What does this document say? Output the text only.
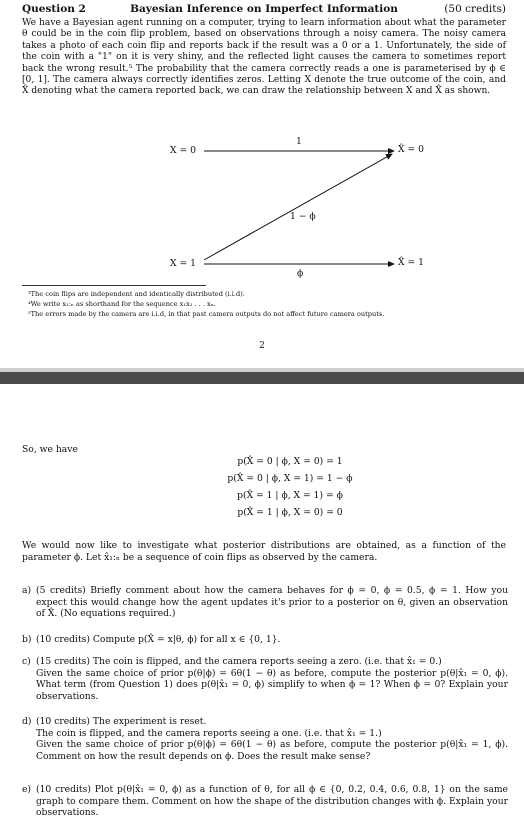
Question 2	Bayesian Inference on Imperfect Information	(50 credits)
We have a Bayesian agent running on a computer, trying to learn information about what the parameter θ could be in the coin flip problem, based on observations through a noisy camera. The noisy camera takes a photo of each coin flip and reports back if the result was a 0 or a 1. Unfortunately, the side of the coin with a "1" on it is very shiny, and the reflected light causes the camera to sometimes report back the wrong result.⁵ The probability that the camera correctly reads a one is parameterised by ϕ ∈ [0, 1]. The camera always correctly identifies zeros. Letting X denote the true outcome of the coin, and X̂ denoting what the camera reported back, we can draw the relationship between X and X̂ as shown.
X = 0
X = 1
X̂ = 0
X̂ = 1
1
1 − ϕ
ϕ
³The coin flips are independent and identically distributed (i.i.d).
⁴We write x₁:ₙ as shorthand for the sequence x₁x₂ . . . xₙ.
⁵The errors made by the camera are i.i.d, in that past camera outputs do not affect future camera outputs.
2
So, we have
p(X̂ = 0 | ϕ, X = 0) = 1
p(X̂ = 0 | ϕ, X = 1) = 1 − ϕ
p(X̂ = 1 | ϕ, X = 1) = ϕ
p(X̂ = 1 | ϕ, X = 0) = 0
We would now like to investigate what posterior distributions are obtained, as a function of the parameter ϕ. Let x̂₁:ₙ be a sequence of coin flips as observed by the camera.
a) (5 credits) Briefly comment about how the camera behaves for ϕ = 0, ϕ = 0.5, ϕ = 1. How you expect this would change how the agent updates it's prior to a posterior on θ, given an observation of X̂. (No equations required.)

b) (10 credits) Compute p(X̂ = x|θ, ϕ) for all x ∈ {0, 1}.

c) (15 credits) The coin is flipped, and the camera reports seeing a zero. (i.e. that x̂₁ = 0.)

Given the same choice of prior p(θ|ϕ) = 6θ(1 − θ) as before, compute the posterior p(θ|x̂₁ = 0, ϕ). What term (from Question 1) does p(θ|x̂₁ = 0, ϕ) simplify to when ϕ = 1? When ϕ = 0? Explain your observations.

d) (10 credits) The experiment is reset.

The coin is flipped, and the camera reports seeing a one. (i.e. that x̂₁ = 1.)

Given the same choice of prior p(θ|ϕ) = 6θ(1 − θ) as before, compute the posterior p(θ|x̂₁ = 1, ϕ). Comment on how the result depends on ϕ. Does the result make sense?

e) (10 credits) Plot p(θ|x̂₁ = 0, ϕ) as a function of θ, for all ϕ ∈ {0, 0.2, 0.4, 0.6, 0.8, 1} on the same graph to compare them. Comment on how the shape of the distribution changes with ϕ. Explain your observations.
